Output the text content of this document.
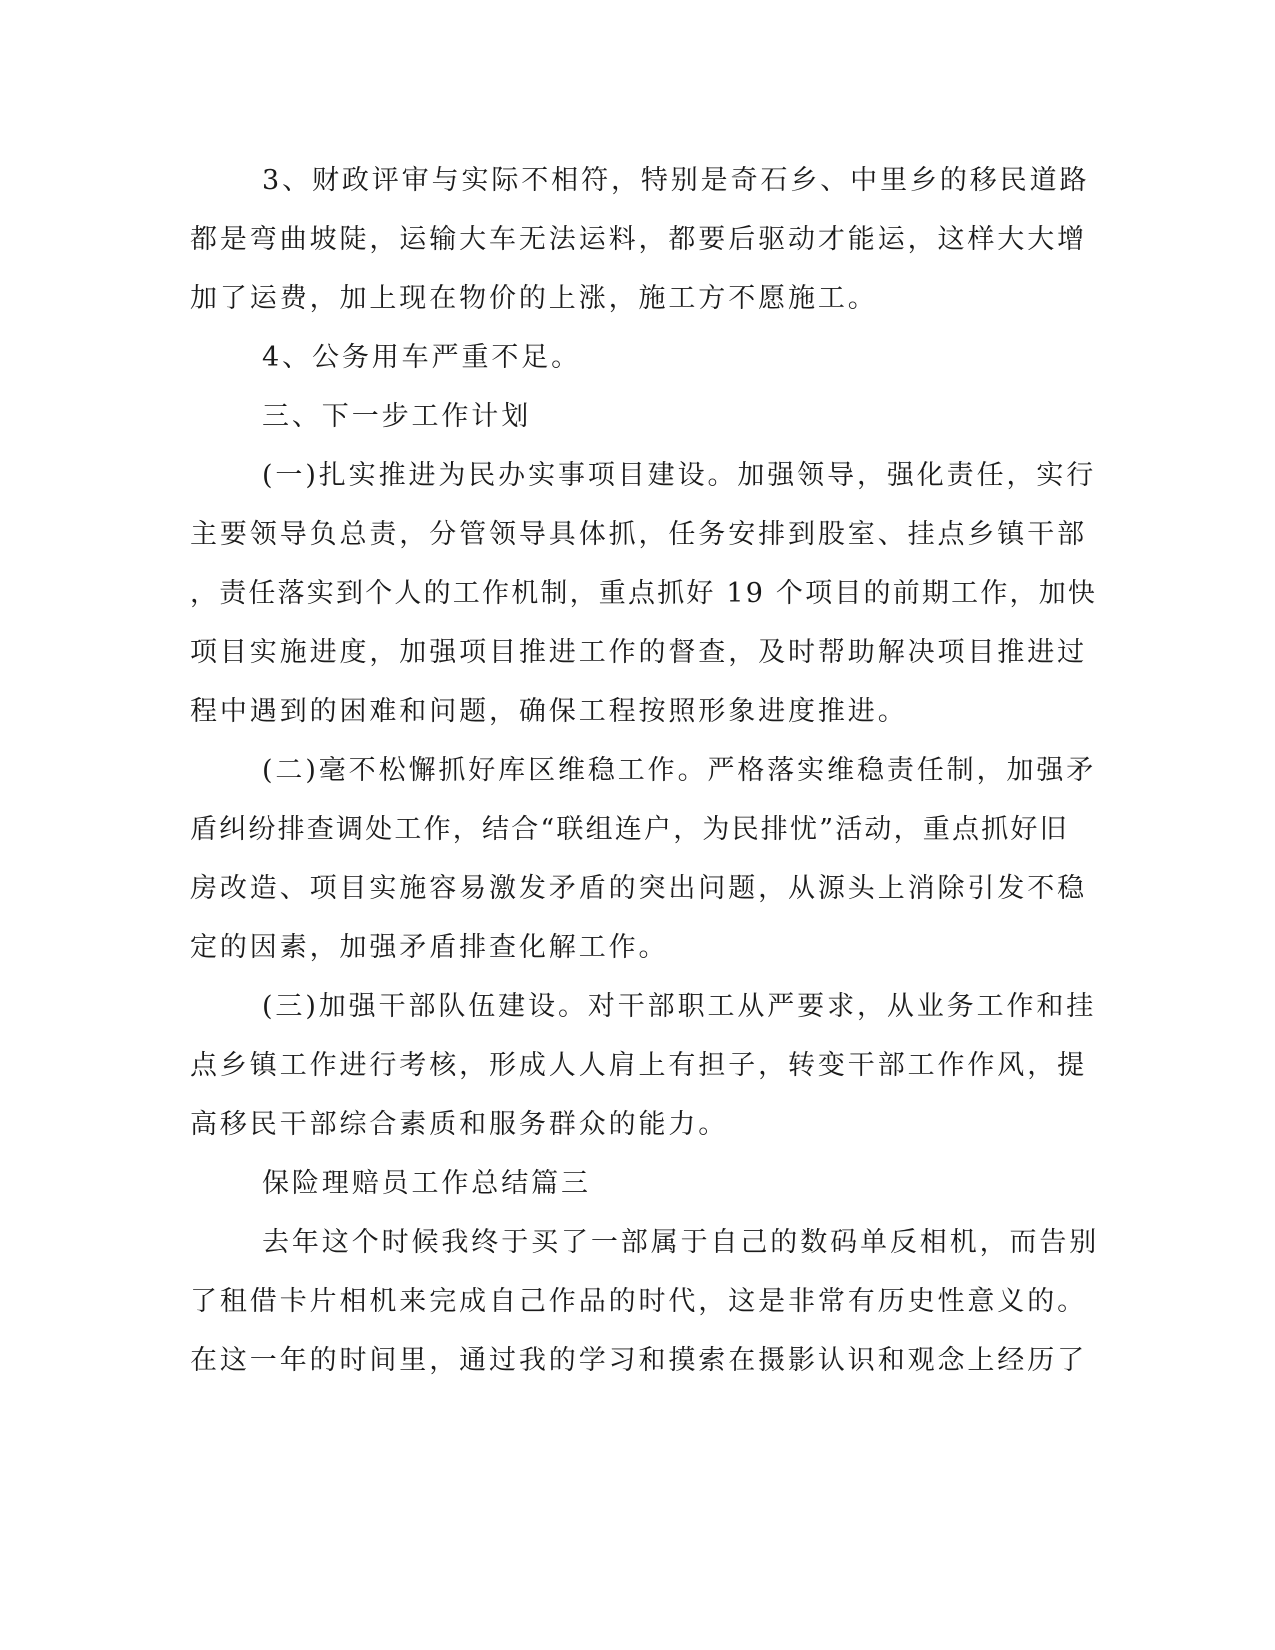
3、财政评审与实际不相符，特别是奇石乡、中里乡的移民道路
都是弯曲坡陡，运输大车无法运料，都要后驱动才能运，这样大大增
加了运费，加上现在物价的上涨，施工方不愿施工。
4、公务用车严重不足。
三、下一步工作计划
(一)扎实推进为民办实事项目建设。加强领导，强化责任，实行
主要领导负总责，分管领导具体抓，任务安排到股室、挂点乡镇干部
，责任落实到个人的工作机制，重点抓好 19 个项目的前期工作，加快
项目实施进度，加强项目推进工作的督查，及时帮助解决项目推进过
程中遇到的困难和问题，确保工程按照形象进度推进。
(二)毫不松懈抓好库区维稳工作。严格落实维稳责任制，加强矛
盾纠纷排查调处工作，结合“联组连户，为民排忧”活动，重点抓好旧
房改造、项目实施容易激发矛盾的突出问题，从源头上消除引发不稳
定的因素，加强矛盾排查化解工作。
(三)加强干部队伍建设。对干部职工从严要求，从业务工作和挂
点乡镇工作进行考核，形成人人肩上有担子，转变干部工作作风，提
高移民干部综合素质和服务群众的能力。
保险理赔员工作总结篇三
去年这个时候我终于买了一部属于自己的数码单反相机，而告别
了租借卡片相机来完成自己作品的时代，这是非常有历史性意义的。
在这一年的时间里，通过我的学习和摸索在摄影认识和观念上经历了
